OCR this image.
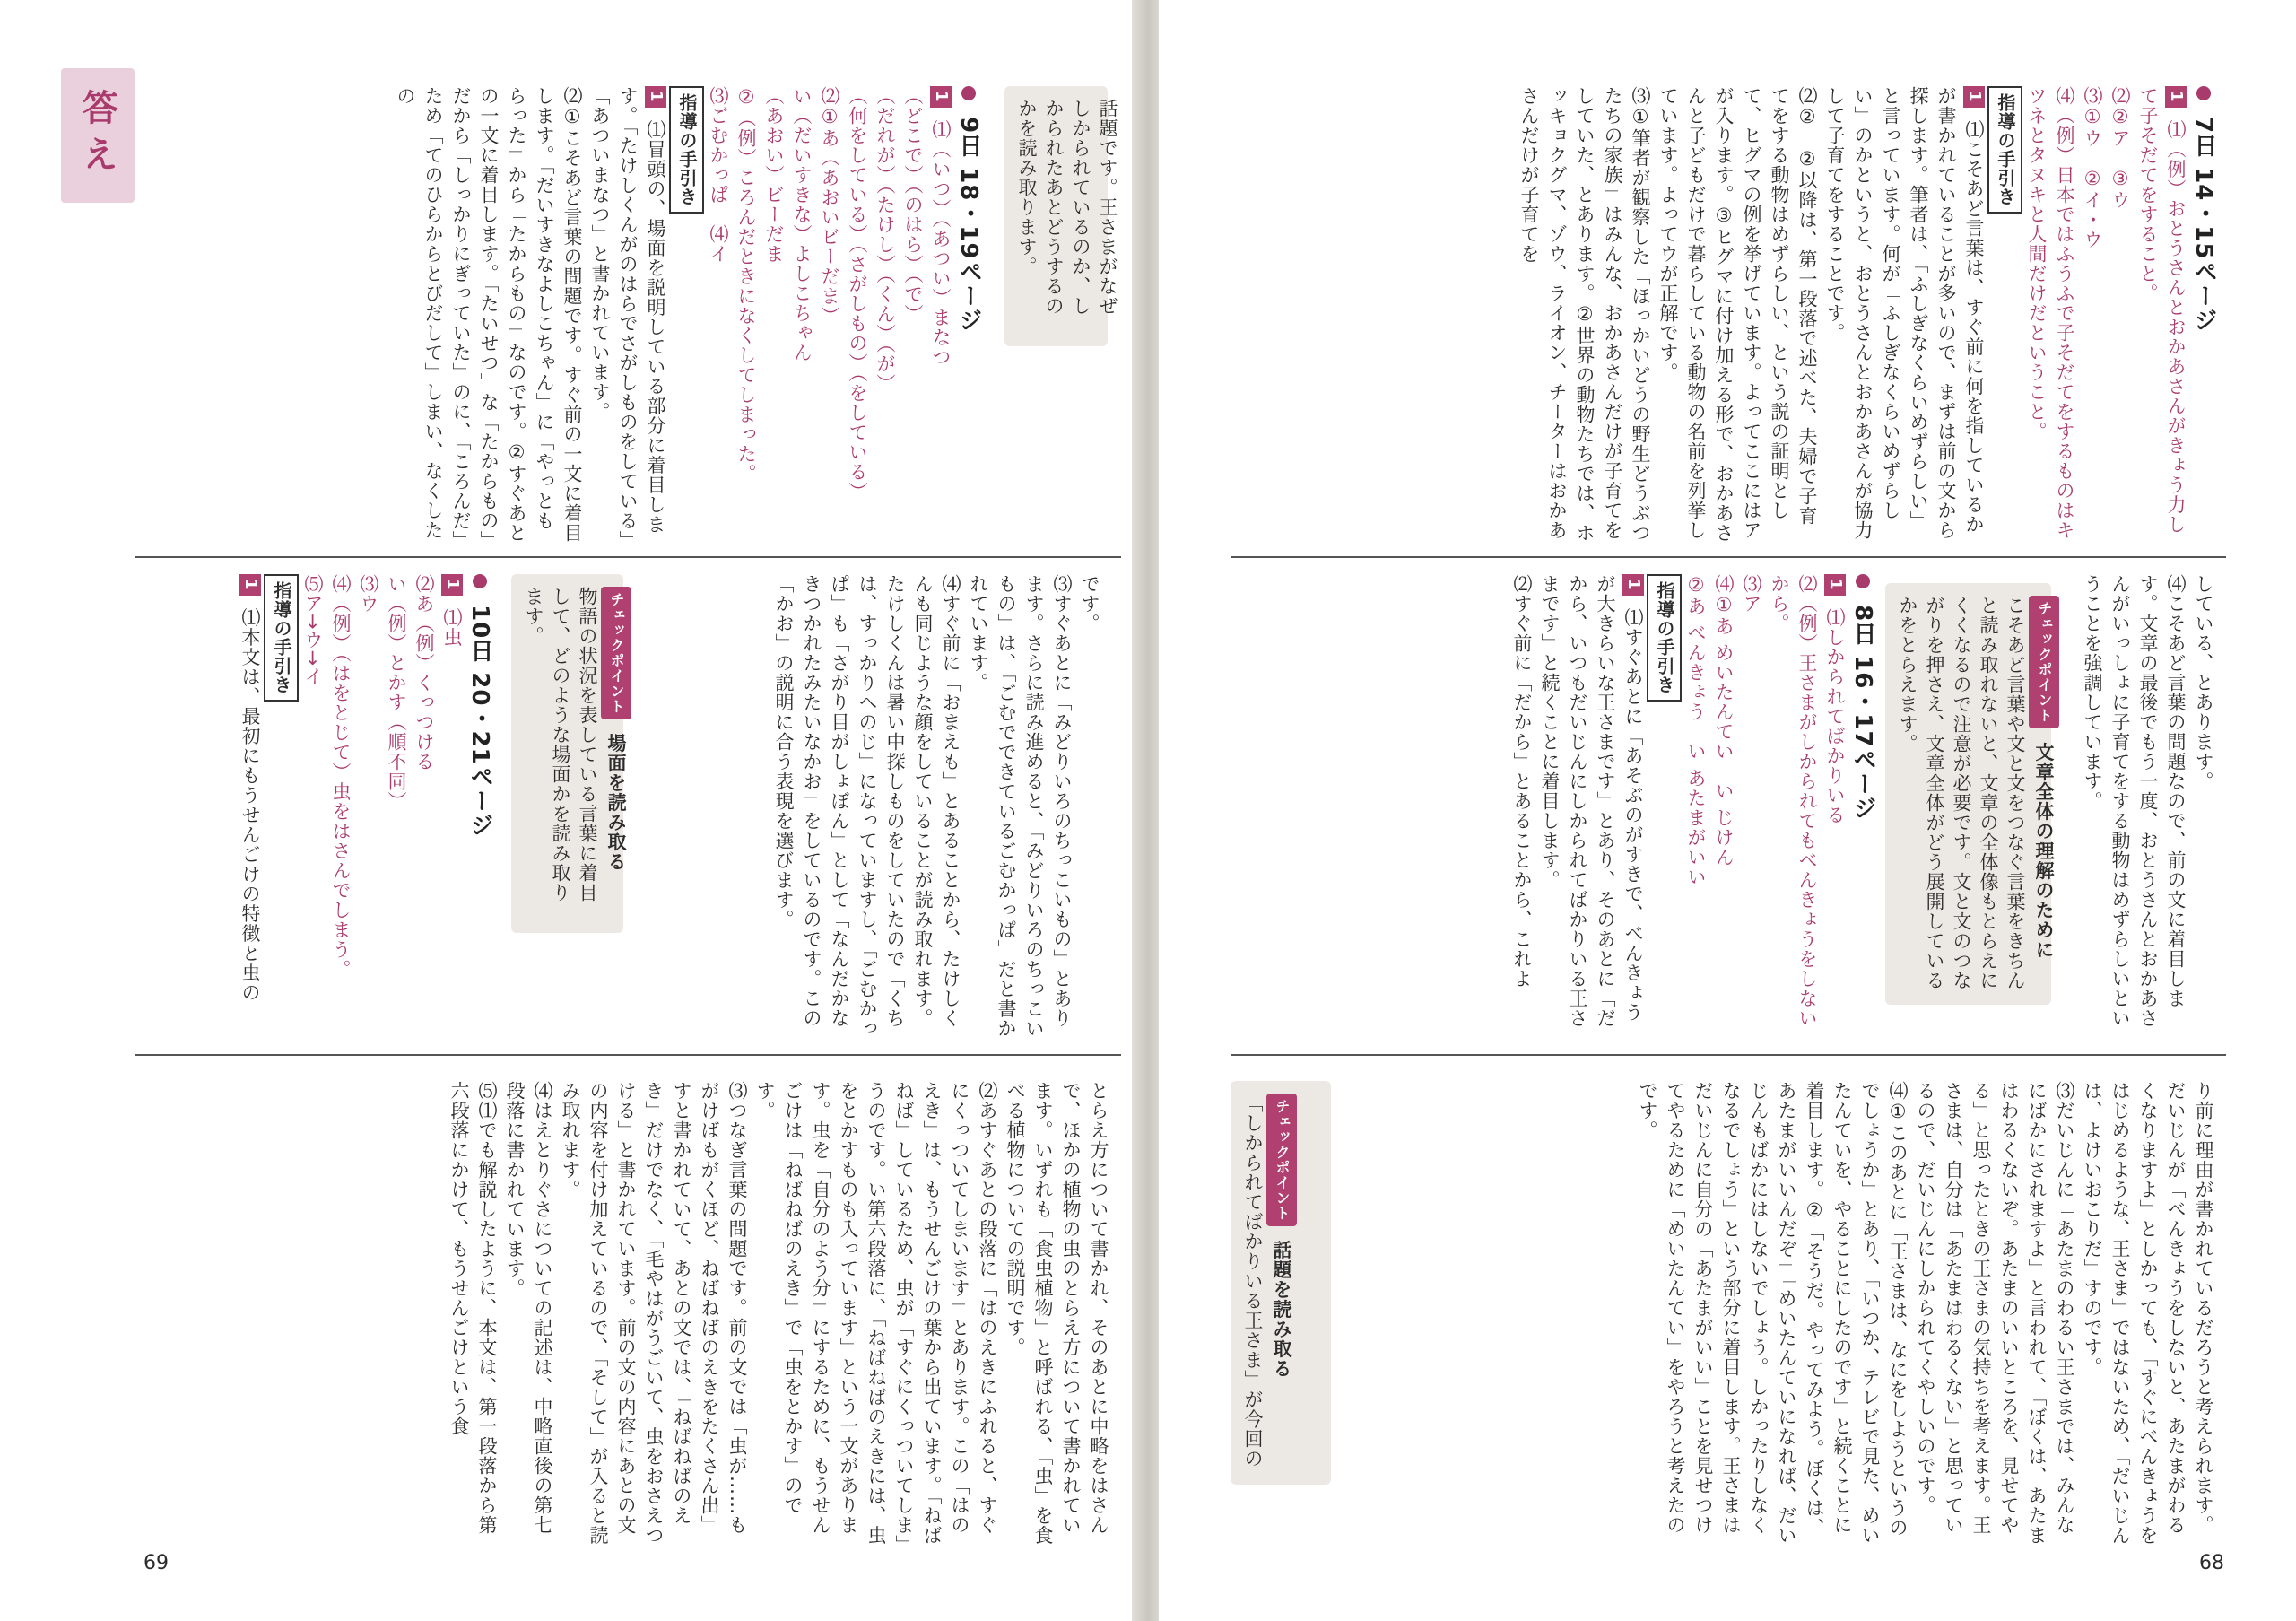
答え	話題です。王さまがなぜしかられているのか、しかられたあとどうするのかを読み取ります。
9日 18・19ページ
1 ⑴（いつ）（あつい）まなつ
（どこで）（のはら）（で）
（だれが）（たけし）（くん）（が）
（何をしている）（さがしもの）（をしている）
⑵①あ（あおいビーだま）
い（だいすきな）よしこちゃん
（あおい）ビーだま
②（例）ころんだときになくしてしまった。
⑶ごむかっぱ　⑷イ
指導の手引き
1 ⑴冒頭の、場面を説明している部分に着目します。「たけしくんがのはらでさがしものをしている」「あついまなつ」と書かれています。
⑵①こそあど言葉の問題です。すぐ前の一文に着目します。「だいすきなよしこちゃん」に「やっともらった」から「たからもの」なのです。②すぐあとの一文に着目します。「たいせつ」な「たからもの」だから「しっかりにぎっていた」のに、「ころんだ」ため「てのひらからとびだして」しまい、なくしたの
です。
⑶すぐあとに「みどりいろのちっこいもの」とあります。さらに読み進めると、「みどりいろのちっこいもの」は、「ごむでできているごむかっぱ」だと書かれています。
⑷すぐ前に「おまえも」とあることから、たけしくんも同じような顔をしていることが読み取れます。たけしくんは暑い中探しものをしていたので「くちは、すっかりへのじ」になっていますし、「ごむかっぱ」も「さがり目がしょぼん」として「なんだかなきつかれたみたいなかお」をしているのです。この「かお」の説明に合う表現を選びます。
チェックポイント 場面を読み取る
物語の状況を表している言葉に着目して、どのような場面かを読み取ります。
10日 20・21ページ
1 ⑴虫
⑵あ（例）くっつける
い（例）とかす（順不同）
⑶ウ
⑷（例）（はをとじて）虫をはさんでしまう。
⑸ア→ウ→イ
指導の手引き
1 ⑴本文は、最初にもうせんごけの特徴と虫の
とらえ方について書かれ、そのあとに中略をはさんで、ほかの植物の虫のとらえ方について書かれています。いずれも「食虫植物」と呼ばれる、「虫」を食べる植物についての説明です。
⑵あすぐあとの段落に「はのえきにふれると、すぐにくっついてしまいます」とあります。この「はのえき」は、もうせんごけの葉から出ています。「ねばねば」しているため、虫が「すぐにくっついてしま」うのです。い第六段落に、「ねばねばのえきには、虫をとかすものも入っています」という一文があります。虫を「自分のよう分」にするために、もうせんごけは「ねばねばのえき」で「虫をとかす」のです。
⑶つなぎ言葉の問題です。前の文では「虫が……もがけばもがくほど、ねばねばのえきをたくさん出」すと書かれていて、あとの文では、「ねばねばのえき」だけでなく、「毛やはがうごいて、虫をおさえつける」と書かれています。前の文の内容にあとの文の内容を付け加えているので、「そして」が入ると読み取れます。
⑷はえとりぐさについての記述は、中略直後の第七段落に書かれています。
⑸⑴でも解説したように、本文は、第一段落から第六段落にかけて、もうせんごけという食
69
7日 14・15ページ
1 ⑴（例）おとうさんとおかあさんがきょう力して子そだてをすること。
⑵②ア　③ウ
⑶①ウ　②イ・ウ
⑷（例）日本ではふうふで子そだてをするものはキツネとタヌキと人間だけだということ。
指導の手引き
1 ⑴こそあど言葉は、すぐ前に何を指しているかが書かれていることが多いので、まずは前の文から探します。筆者は、「ふしぎなくらいめずらしい」と言っています。何が「ふしぎなくらいめずらしい」のかというと、おとうさんとおかあさんが協力して子育てをすることです。
⑵②　②以降は、第一段落で述べた、夫婦で子育てをする動物はめずらしい、という説の証明として、ヒグマの例を挙げています。よってここにはアが入ります。③ヒグマに付け加える形で、おかあさんと子どもだけで暮らしている動物の名前を列挙しています。よってウが正解です。
⑶①筆者が観察した「ほっかいどうの野生どうぶつたちの家族」はみんな、おかあさんだけが子育てをしていた、とあります。②世界の動物たちでは、ホッキョクグマ、ゾウ、ライオン、チーターはおかあさんだけが子育てを
している、とあります。
⑷こそあど言葉の問題なので、前の文に着目します。文章の最後でもう一度、おとうさんとおかあさんがいっしょに子育てをする動物はめずらしいということを強調しています。
チェックポイント 文章全体の理解のために
こそあど言葉や文と文をつなぐ言葉をきちんと読み取れないと、文章の全体像もとらえにくくなるので注意が必要です。文と文のつながりを押さえ、文章全体がどう展開しているかをとらえます。
8日 16・17ページ
1 ⑴しかられてばかりいる
⑵（例）王さまがしかられてもべんきょうをしないから。
⑶ア
⑷①あ めいたんてい　い じけん
②あ べんきょう　い あたまがいい
指導の手引き
1 ⑴すぐあとに「あそぶのがすきで、べんきょうが大きらいな王さまです」とあり、そのあとに「だから、いつもだいじんにしかられてばかりいる王さまです」と続くことに着目します。
⑵すぐ前に「だから」とあることから、これよ
り前に理由が書かれているだろうと考えられます。だいじんが「べんきょうをしないと、あたまがわるくなりますよ」としかっても、「すぐにべんきょうをはじめるような、王さま」ではないため、「だいじんは、よけいおこりだ」すのです。
⑶だいじんに「あたまのわるい王さまでは、みんなにばかにされますよ」と言われて、「ぼくは、あたまはわるくないぞ。あたまのいいところを、見せてやる」と思ったときの王さまの気持ちを考えます。王さまは、自分は「あたまはわるくない」と思っているので、だいじんにしかられてくやしいのです。
⑷①このあとに「王さまは、なにをしようというのでしょうか」とあり、「いつか、テレビで見た、めいたんていを、やることにしたのです」と続くことに着目します。②「そうだ。やってみよう。ぼくは、あたまがいいんだぞ」「めいたんていになれば、だいじんもばかにはしないでしょう。しかったりしなくなるでしょう」という部分に着目します。王さまはだいじんに自分の「あたまがいい」ことを見せつけてやるために「めいたんてい」をやろうと考えたのです。
チェックポイント 話題を読み取る
「しかられてばかりいる王さま」が今回の
68
